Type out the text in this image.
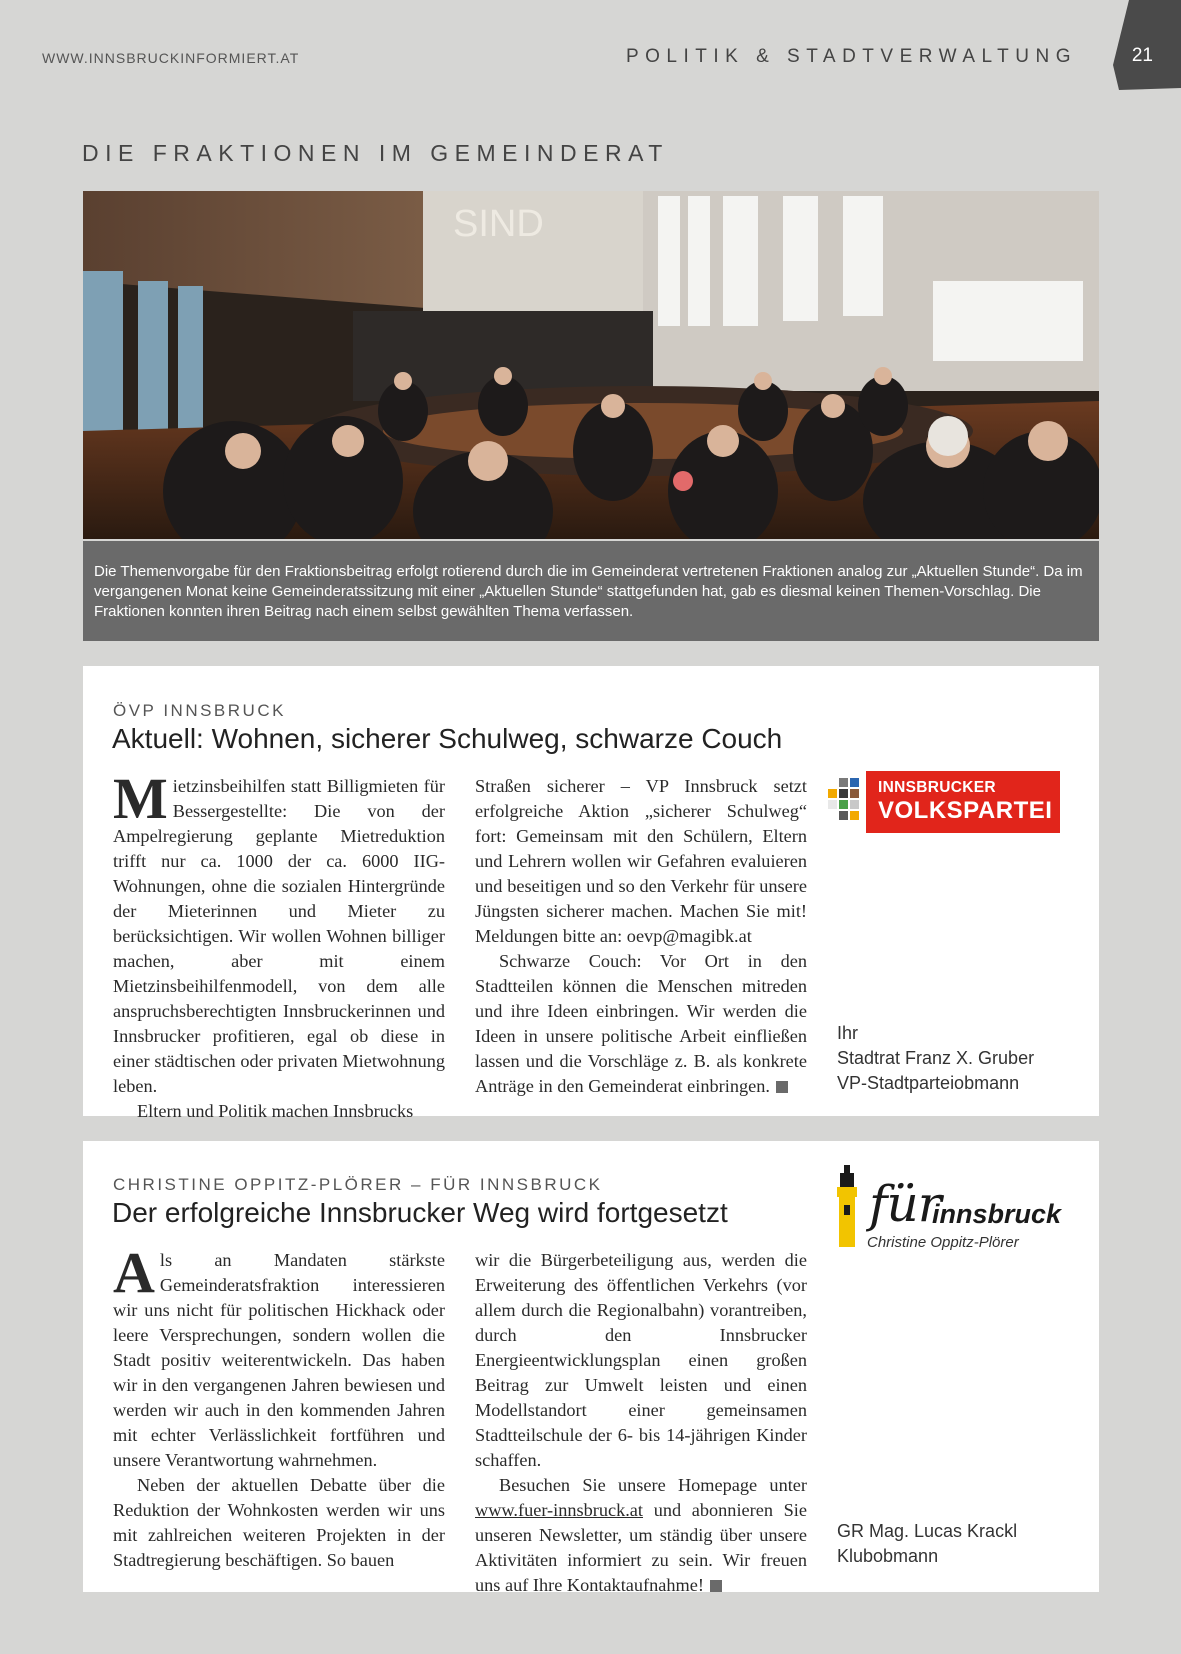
WWW.INNSBRUCKINFORMIERT.AT	POLITIK & STADTVERWALTUNG	21
DIE FRAKTIONEN IM GEMEINDERAT
SIND
Die Themenvorgabe für den Fraktionsbeitrag erfolgt rotierend durch die im Gemeinderat vertretenen Fraktionen analog zur „Aktuellen Stunde“. Da im vergangenen Monat keine Gemeinderatssitzung mit einer „Aktuellen Stunde“ stattgefunden hat, gab es diesmal keinen Themen-Vorschlag. Die Fraktionen konnten ihren Beitrag nach einem selbst gewählten Thema verfassen.
ÖVP INNSBRUCK
Aktuell: Wohnen, sicherer Schulweg, schwarze Couch

Mietzinsbeihilfen statt Billigmieten für Bessergestellte: Die von der Ampelregierung geplante Mietreduktion trifft nur ca. 1000 der ca. 6000 IIG-Wohnungen, ohne die sozialen Hintergründe der Mieterinnen und Mieter zu berücksichtigen. Wir wollen Wohnen billiger machen, aber mit einem Mietzinsbeihilfenmodell, von dem alle anspruchsberechtigten Innsbruckerinnen und Innsbrucker profitieren, egal ob diese in einer städtischen oder privaten Mietwohnung leben.

Eltern und Politik machen Innsbrucks

Straßen sicherer – VP Innsbruck setzt erfolgreiche Aktion „sicherer Schulweg“ fort: Gemeinsam mit den Schülern, Eltern und Lehrern wollen wir Gefahren evaluieren und beseitigen und so den Verkehr für unsere Jüngsten sicherer machen. Machen Sie mit! Meldungen bitte an: oevp@magibk.at

Schwarze Couch: Vor Ort in den Stadtteilen können die Menschen mitreden und ihre Ideen einbringen. Wir werden die Ideen in unsere politische Arbeit einfließen lassen und die Vorschläge z. B. als konkrete Anträge in den Gemeinderat einbringen.

INNSBRUCKER
VOLKSPARTEI
Ihr
Stadtrat Franz X. Gruber
VP-Stadtparteiobmann
CHRISTINE OPPITZ-PLÖRER – FÜR INNSBRUCK
Der erfolgreiche Innsbrucker Weg wird fortgesetzt

Als an Mandaten stärkste Gemeinderatsfraktion interessieren wir uns nicht für politischen Hickhack oder leere Versprechungen, sondern wollen die Stadt positiv weiterentwickeln. Das haben wir in den vergangenen Jahren bewiesen und werden wir auch in den kommenden Jahren mit echter Verlässlichkeit fortführen und unsere Verantwortung wahrnehmen.

Neben der aktuellen Debatte über die Reduktion der Wohnkosten werden wir uns mit zahlreichen weiteren Projekten in der Stadtregierung beschäftigen. So bauen

wir die Bürgerbeteiligung aus, werden die Erweiterung des öffentlichen Verkehrs (vor allem durch die Regionalbahn) vorantreiben, durch den Innsbrucker Energieentwicklungsplan einen großen Beitrag zur Umwelt leisten und einen Modellstandort einer gemeinsamen Stadtteilschule der 6- bis 14-jährigen Kinder schaffen.

Besuchen Sie unsere Homepage unter www.fuer-innsbruck.at und abonnieren Sie unseren Newsletter, um ständig über unsere Aktivitäten informiert zu sein. Wir freuen uns auf Ihre Kontaktaufnahme!

für
innsbruck
Christine Oppitz-Plörer
GR Mag. Lucas Krackl
Klubobmann
